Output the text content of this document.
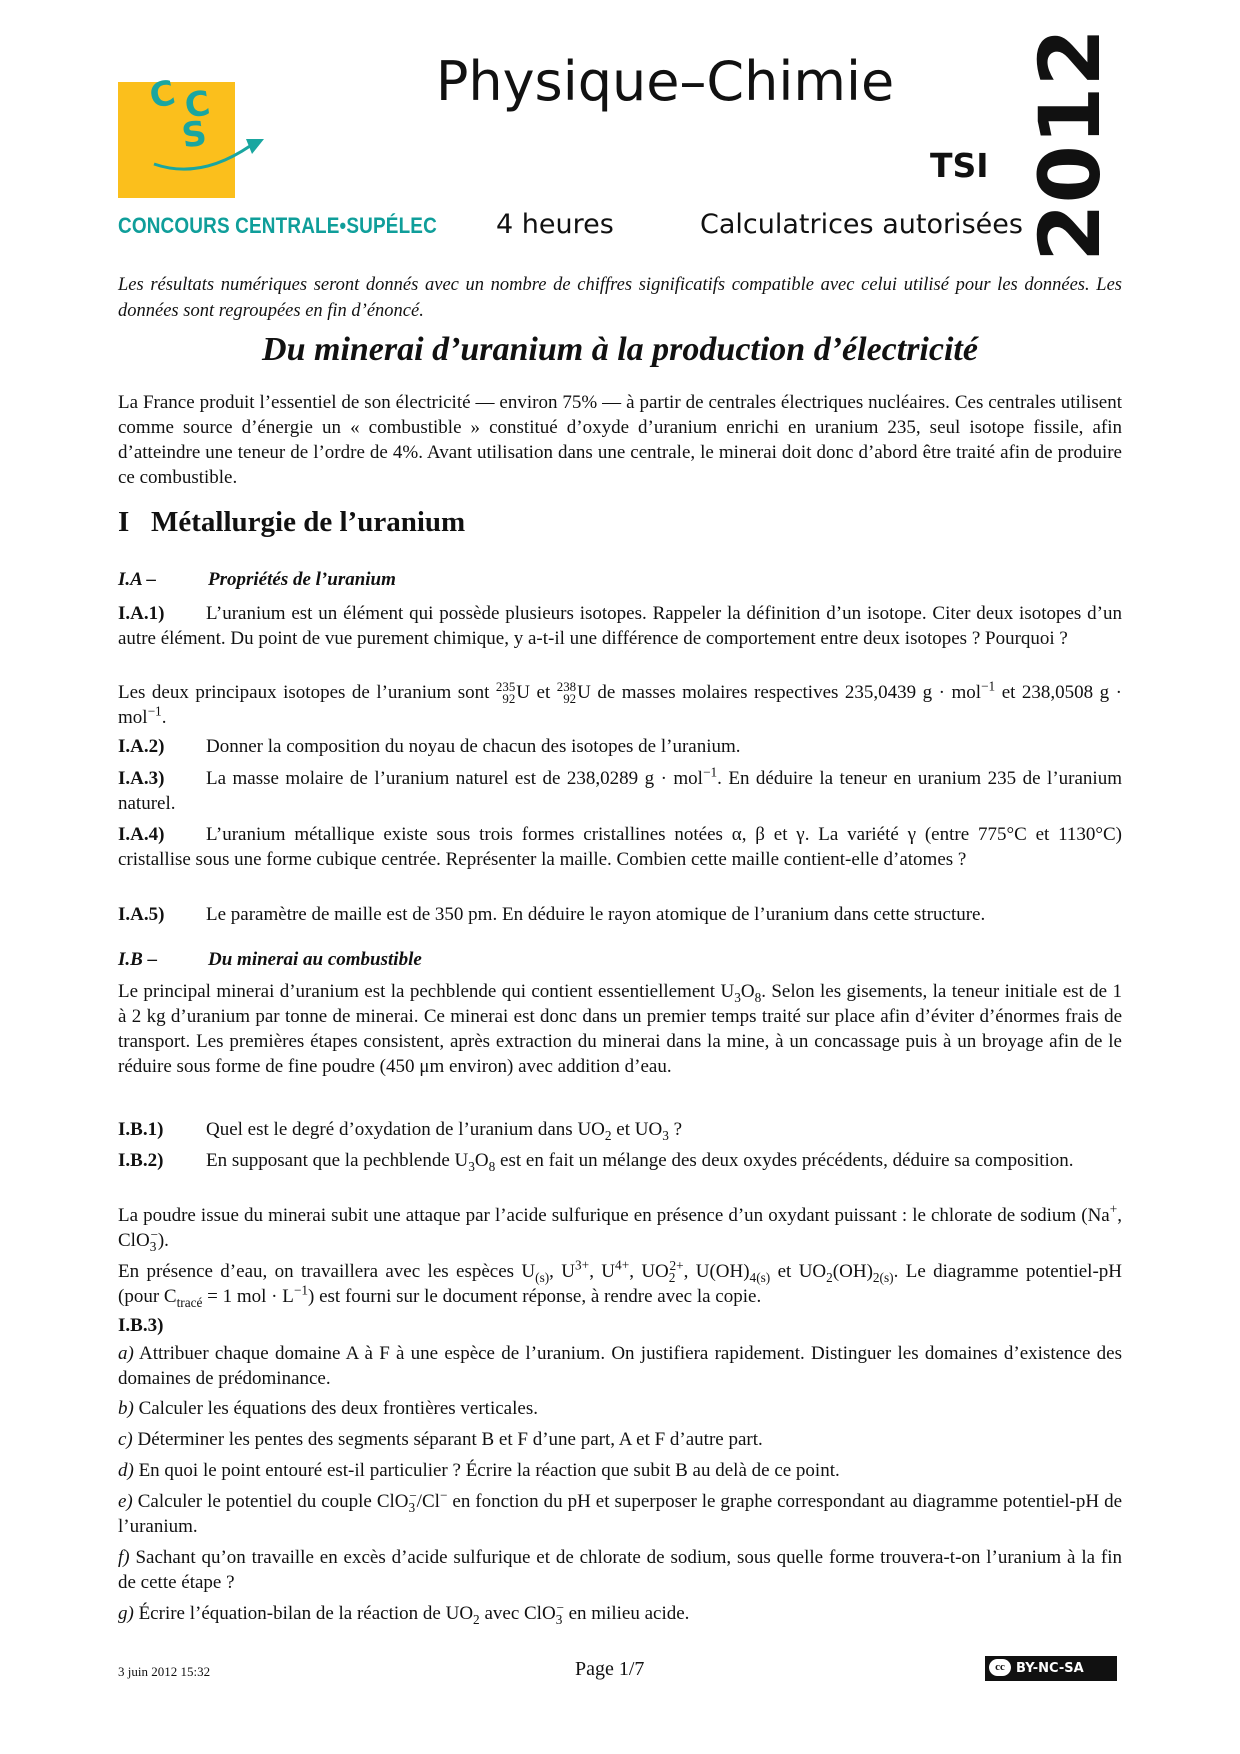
C C
S
CONCOURS CENTRALE•SUPÉLEC
Physique–Chimie
TSI
4 heures	Calculatrices autorisées
2012
Les résultats numériques seront donnés avec un nombre de chiffres significatifs compatible avec celui utilisé pour les données. Les données sont regroupées en fin d’énoncé.
Du minerai d’uranium à la production d’électricité
La France produit l’essentiel de son électricité — environ 75% — à partir de centrales électriques nucléaires. Ces centrales utilisent comme source d’énergie un « combustible » constitué d’oxyde d’uranium enrichi en uranium 235, seul isotope fissile, afin d’atteindre une teneur de l’ordre de 4%. Avant utilisation dans une centrale, le minerai doit donc d’abord être traité afin de produire ce combustible.
I   Métallurgie de l’uranium
I.A –	Propriétés de l’uranium
I.A.1) L’uranium est un élément qui possède plusieurs isotopes. Rappeler la définition d’un isotope. Citer deux isotopes d’un autre élément. Du point de vue purement chimique, y a-t-il une différence de comportement entre deux isotopes ? Pourquoi ?
Les deux principaux isotopes de l’uranium sont 235
92 U et 238
92 U de masses molaires respectives 235,0439 g · mol$^{-1}$ et 238,0508 g · mol$^{-1}$.
I.A.2) Donner la composition du noyau de chacun des isotopes de l’uranium.
I.A.3) La masse molaire de l’uranium naturel est de 238,0289 g · mol$^{-1}$. En déduire la teneur en uranium 235 de l’uranium naturel.
I.A.4) L’uranium métallique existe sous trois formes cristallines notées α, β et γ. La variété γ (entre 775°C et 1130°C) cristallise sous une forme cubique centrée. Représenter la maille. Combien cette maille contient-elle d’atomes ?
I.A.5) Le paramètre de maille est de 350 pm. En déduire le rayon atomique de l’uranium dans cette structure.
I.B –	Du minerai au combustible
Le principal minerai d’uranium est la pechblende qui contient essentiellement $U_3O_8$. Selon les gisements, la teneur initiale est de 1 à 2 kg d’uranium par tonne de minerai. Ce minerai est donc dans un premier temps traité sur place afin d’éviter d’énormes frais de transport. Les premières étapes consistent, après extraction du minerai dans la mine, à un concassage puis à un broyage afin de le réduire sous forme de fine poudre (450 μm environ) avec addition d’eau.
I.B.1) Quel est le degré d’oxydation de l’uranium dans $UO_2$ et $UO_3$ ?
I.B.2) En supposant que la pechblende $U_3O_8$ est en fait un mélange des deux oxydes précédents, déduire sa composition.
La poudre issue du minerai subit une attaque par l’acide sulfurique en présence d’un oxydant puissant : le chlorate de sodium (Na+, ClO$_3$−).
En présence d’eau, on travaillera avec les espèces $U_{(s)}$, $U^{3+}$, $U^{4+}$, $UO_2^{2+}$, $U(OH)_{4(s)}$ et $UO_2(OH)_{2(s)}$. Le diagramme potentiel-pH (pour $C_{tracé} = 1$ mol · $L^{-1}$) est fourni sur le document réponse, à rendre avec la copie.
I.B.3)
a) Attribuer chaque domaine A à F à une espèce de l’uranium. On justifiera rapidement. Distinguer les domaines d’existence des domaines de prédominance.
b) Calculer les équations des deux frontières verticales.
c) Déterminer les pentes des segments séparant B et F d’une part, A et F d’autre part.
d) En quoi le point entouré est-il particulier ? Écrire la réaction que subit B au delà de ce point.
e) Calculer le potentiel du couple ClO$_3$−/Cl− en fonction du pH et superposer le graphe correspondant au diagramme potentiel-pH de l’uranium.
f) Sachant qu’on travaille en excès d’acide sulfurique et de chlorate de sodium, sous quelle forme trouvera-t-on l’uranium à la fin de cette étape ?
g) Écrire l’équation-bilan de la réaction de $UO_2$ avec ClO$_3$− en milieu acide.
3 juin 2012 15:32	Page 1/7	cc BY-NC-SA
